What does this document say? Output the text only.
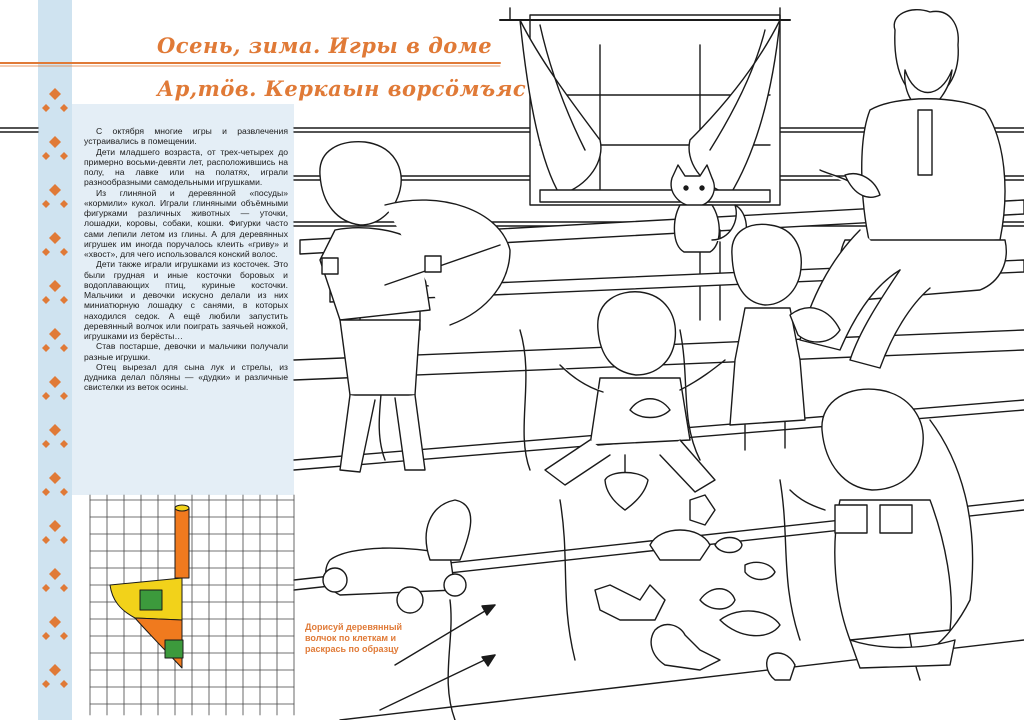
Осень, зима. Игры в доме
Ар,тӧв. Керкаын ворсӧмъяс

С октября многие игры и развлечения устраивались в помещении.

Дети младшего возраста, от трех-четырех до примерно восьми-девяти лет, расположившись на полу, на лавке или на полатях, играли разнообразными самодельными игрушками.

Из глиняной и деревянной «посуды» «кормили» кукол. Играли глиняными объёмными фигурками различных животных — уточки, лошадки, коровы, собаки, кошки. Фигурки часто сами лепили летом из глины. А для деревянных игрушек им иногда поручалось клеить «гриву» и «хвост», для чего использовался конский волос.

Дети также играли игрушками из косточек. Это были грудная и иные косточки боровых и водоплавающих птиц, куриные косточки. Мальчики и девочки искусно делали из них миниатюрную лошадку с санями, в которых находился седок. А ещё любили запустить деревянный волчок или поиграть заячьей ножкой, игрушками из берёсты…

Став постарше, девочки и мальчики получали разные игрушки.

Отец вырезал для сына лук и стрелы, из дудника делал пӧляны — «дудки» и различные свистелки из веток осины.

Дорисуй деревянный волчок по клеткам и раскрась по образцу
